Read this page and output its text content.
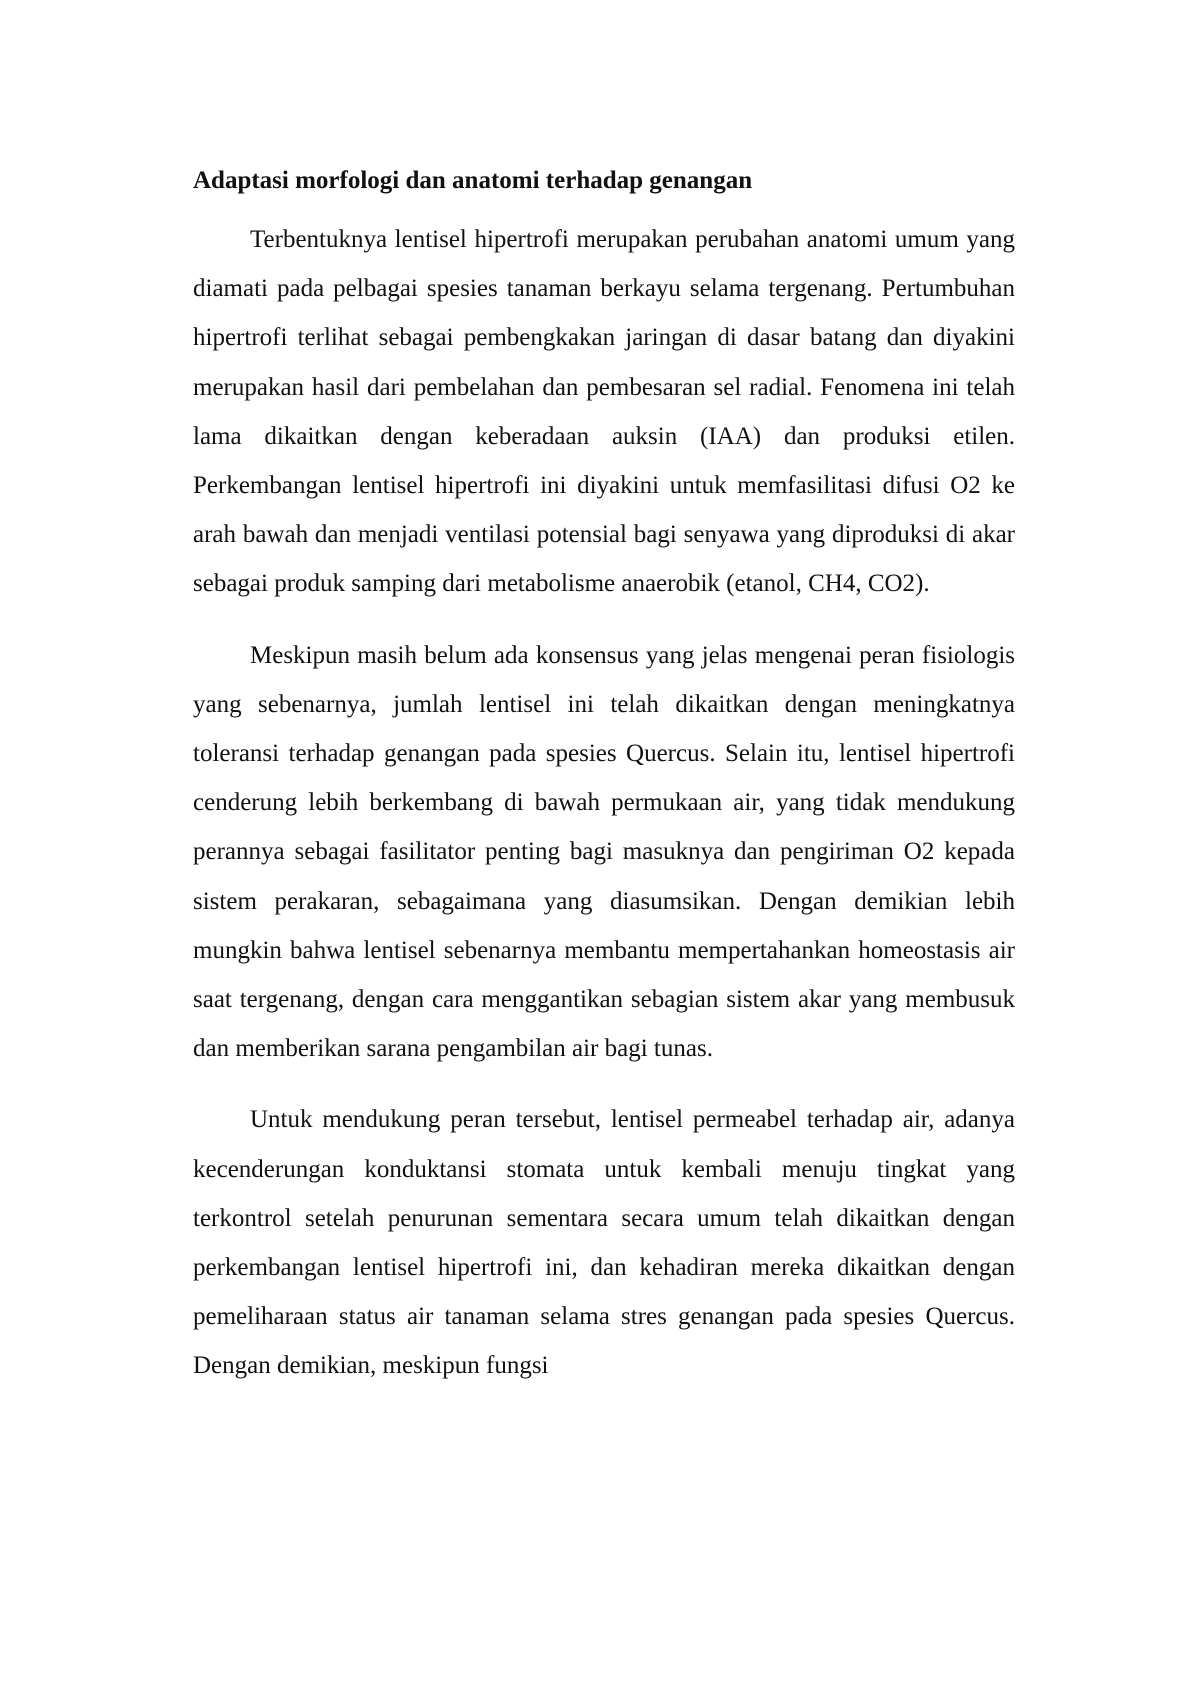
Adaptasi morfologi dan anatomi terhadap genangan

Terbentuknya lentisel hipertrofi merupakan perubahan anatomi umum yang diamati pada pelbagai spesies tanaman berkayu selama tergenang. Pertumbuhan hipertrofi terlihat sebagai pembengkakan jaringan di dasar batang dan diyakini merupakan hasil dari pembelahan dan pembesaran sel radial. Fenomena ini telah lama dikaitkan dengan keberadaan auksin (IAA) dan produksi etilen. Perkembangan lentisel hipertrofi ini diyakini untuk memfasilitasi difusi O2 ke arah bawah dan menjadi ventilasi potensial bagi senyawa yang diproduksi di akar sebagai produk samping dari metabolisme anaerobik (etanol, CH4, CO2).

Meskipun masih belum ada konsensus yang jelas mengenai peran fisiologis yang sebenarnya, jumlah lentisel ini telah dikaitkan dengan meningkatnya toleransi terhadap genangan pada spesies Quercus. Selain itu, lentisel hipertrofi cenderung lebih berkembang di bawah permukaan air, yang tidak mendukung perannya sebagai fasilitator penting bagi masuknya dan pengiriman O2 kepada sistem perakaran, sebagaimana yang diasumsikan. Dengan demikian lebih mungkin bahwa lentisel sebenarnya membantu mempertahankan homeostasis air saat tergenang, dengan cara menggantikan sebagian sistem akar yang membusuk dan memberikan sarana pengambilan air bagi tunas.

Untuk mendukung peran tersebut, lentisel permeabel terhadap air, adanya kecenderungan konduktansi stomata untuk kembali menuju tingkat yang terkontrol setelah penurunan sementara secara umum telah dikaitkan dengan perkembangan lentisel hipertrofi ini, dan kehadiran mereka dikaitkan dengan pemeliharaan status air tanaman selama stres genangan pada spesies Quercus. Dengan demikian, meskipun fungsi
